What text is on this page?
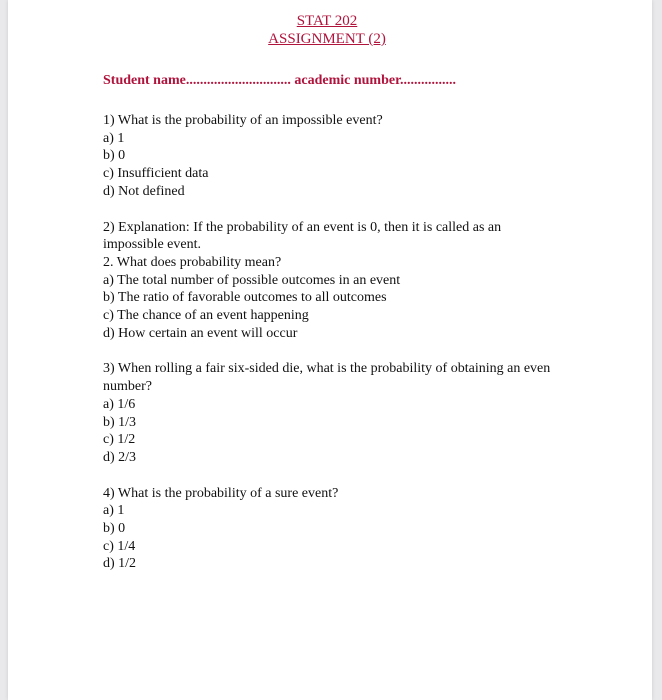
STAT 202
ASSIGNMENT (2)
Student name.............................. academic number................
1) What is the probability of an impossible event?
a) 1
b) 0
c) Insufficient data
d) Not defined
2) Explanation: If the probability of an event is 0, then it is called as an impossible event.
2. What does probability mean?
a) The total number of possible outcomes in an event
b) The ratio of favorable outcomes to all outcomes
c) The chance of an event happening
d) How certain an event will occur
3) When rolling a fair six-sided die, what is the probability of obtaining an even number?
a) 1/6
b) 1/3
c) 1/2
d) 2/3
4) What is the probability of a sure event?
a) 1
b) 0
c) 1/4
d) 1/2
